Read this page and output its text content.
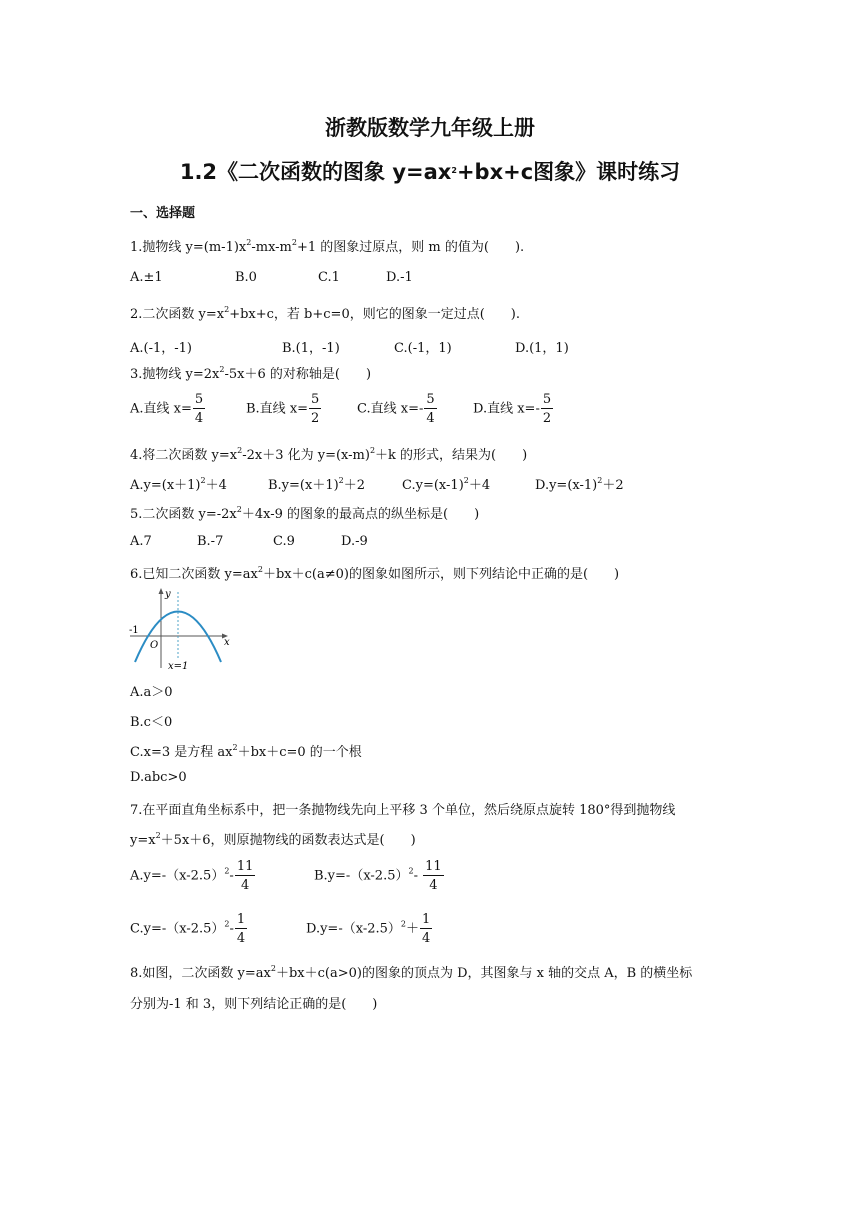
浙教版数学九年级上册
1.2《二次函数的图象 $y=ax^2+bx+c$图象》课时练习
一、选择题
1.抛物线 $y=(m-1)x^2-mx-m^2+1$ 的图象过原点，则 m 的值为(　　).
A.±1	B.0	C.1	D.-1
2.二次函数 $y=x^2+bx+c$，若 b+c=0，则它的图象一定过点(　　).
A.(-1，-1)	B.(1，-1)	C.(-1，1)	D.(1，1)
3.抛物线 $y=2x^2-5x+6$ 的对称轴是(　　)
A.直线 $x= \frac{5}{4}$	B.直线 $x= \frac{5}{2}$	C.直线 $x=- \frac{5}{4}$	D.直线 $x=- \frac{5}{2}$
4.将二次函数 $y=x^2-2x+3$ 化为 $y=(x-m)^2+k$ 的形式，结果为(　　)
$A.y=(x+1)^2+4$	$B.y=(x+1)^2+2$	$C.y=(x-1)^2+4$	$D.y=(x-1)^2+2$
5.二次函数 $y=-2x^2+4x-9$ 的图象的最高点的纵坐标是(　　)
A.7	B.-7	C.9	D.-9
6.已知二次函数 $y=ax^2+bx+c(a\ne 0)$的图象如图所示，则下列结论中正确的是(　　)
y
x
O
-1
x=1
A.a＞0
B.c＜0
C.x=3 是方程 $ax^2+bx+c=0$ 的一个根
D.abc>0
7.在平面直角坐标系中，把一条抛物线先向上平移 3 个单位，然后绕原点旋转 180°得到抛物线
$y=x^2+5x+6$，则原抛物线的函数表达式是(　　)
$A.y=-(x-2.5)^2- \frac{11}{4}$	$B.y=-(x-2.5)^2- \frac{11}{4}$
$C.y=-(x-2.5)^2- \frac{1}{4}$	$D.y=-(x-2.5)^2+ \frac{1}{4}$
8.如图，二次函数 $y=ax^2+bx+c(a>0)$的图象的顶点为 D，其图象与 x 轴的交点 A，B 的横坐标
分别为-1 和 3，则下列结论正确的是(　　)
